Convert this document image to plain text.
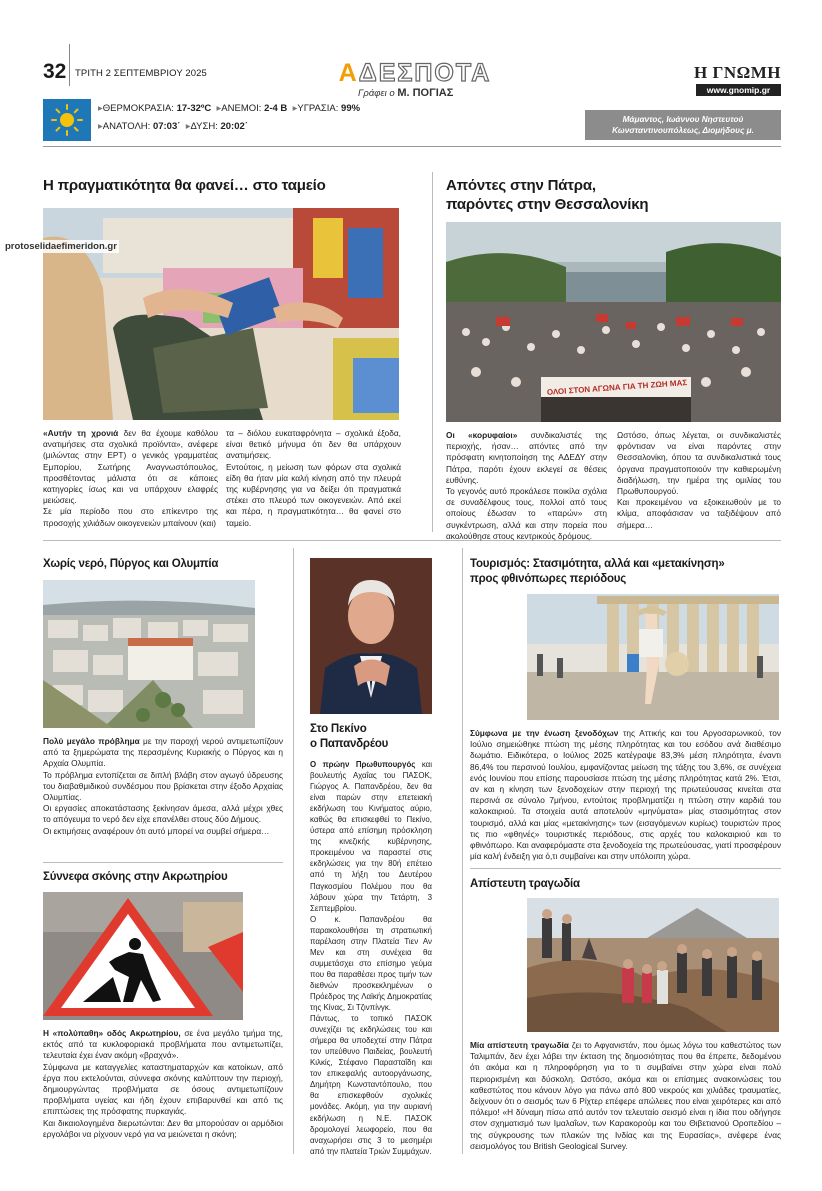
32 ΤΡΙΤΗ 2 ΣΕΠΤΕΜΒΡΙΟΥ 2025	ΑΔΕΣΠΟΤΑ
Γράφει ο Μ. ΠΟΓΙΑΣ
Η ΓΝΩΜΗ
www.gnomip.gr
▸ΘΕΡΜΟΚΡΑΣΙΑ: 17-32ºC ▸ΑΝΕΜΟΙ: 2-4 Β ▸ΥΓΡΑΣΙΑ: 99%
▸ΑΝΑΤΟΛΗ: 07:03΄ ▸ΔΥΣΗ: 20:02΄
Μάμαντος, Ιωάννου Νηστευτού
Κωνσταντινουπόλεως, Διομήδους μ.
Η πραγματικότητα θα φανεί… στο ταμείο

«Αυτήν τη χρονιά δεν θα έχουμε καθόλου ανατιμήσεις στα σχολικά προϊόντα», ανέφερε (μιλώντας στην ΕΡΤ) ο γενικός γραμματέας Εμπορίου, Σωτήρης Αναγνωστόπουλος, προσθέτοντας μάλιστα ότι σε κάποιες κατηγορίες ίσως και να υπάρχουν ελαφρές μειώσεις.

Σε μία περίοδο που στο επίκεντρο της προσοχής χιλιάδων οικογενειών μπαίνουν (και)

τα – διόλου ευκαταφρόνητα – σχολικά έξοδα, είναι θετικό μήνυμα ότι δεν θα υπάρχουν ανατιμήσεις.

Εντούτοις, η μείωση των φόρων στα σχολικά είδη θα ήταν μία καλή κίνηση από την πλευρά της κυβέρνησης για να δείξει ότι πραγματικά στέκει στο πλευρό των οικογενειών. Από εκεί και πέρα, η πραγματικότητα… θα φανεί στο ταμείο.

Απόντες στην Πάτρα,
παρόντες στην Θεσσαλονίκη
ΟΛΟΙ ΣΤΟΝ ΑΓΩΝΑ ΓΙΑ ΤΗ ΖΩΗ ΜΑΣ

Οι «κορυφαίοι» συνδικαλιστές της περιοχής, ήσαν… απόντες από την πρόσφατη κινητοποίηση της ΑΔΕΔΥ στην Πάτρα, παρότι έχουν εκλεγεί σε θέσεις ευθύνης.

Το γεγονός αυτό προκάλεσε ποικίλα σχόλια σε συναδέλφους τους, πολλοί από τους οποίους έδωσαν το «παρών» στη συγκέντρωση, αλλά και στην πορεία που ακολούθησε στους κεντρικούς δρόμους.

Ωστόσο, όπως λέγεται, οι συνδικαλιστές φρόντισαν να είναι παρόντες στην Θεσσαλονίκη, όπου τα συνδικαλιστικά τους όργανα πραγματοποιούν την καθιερωμένη διαδήλωση, την ημέρα της ομιλίας του Πρωθυπουργού.

Και προκειμένου να εξοικειωθούν με το κλίμα, αποφάσισαν να ταξιδέψουν από σήμερα…

Χωρίς νερό, Πύργος και Ολυμπία

Πολύ μεγάλο πρόβλημα με την παροχή νερού αντιμετωπίζουν από τα ξημερώματα της περασμένης Κυριακής ο Πύργος και η Αρχαία Ολυμπία.

Το πρόβλημα εντοπίζεται σε διπλή βλάβη στον αγωγό ύδρευσης του διαβαθμιδικού συνδέσμου που βρίσκεται στην έξοδο Αρχαίας Ολυμπίας.

Οι εργασίες αποκατάστασης ξεκίνησαν άμεσα, αλλά μέχρι χθες το απόγευμα το νερό δεν είχε επανέλθει στους δύο Δήμους.

Οι εκτιμήσεις αναφέρουν ότι αυτό μπορεί να συμβεί σήμερα…

Σύννεφα σκόνης στην Ακρωτηρίου

Η «πολύπαθη» οδός Ακρωτηρίου, σε ένα μεγάλο τμήμα της, εκτός από τα κυκλοφοριακά προβλήματα που αντιμετωπίζει, τελευταία έχει έναν ακόμη «βραχνά».

Σύμφωνα με καταγγελίες καταστηματαρχών και κατοίκων, από έργα που εκτελούνται, σύννεφα σκόνης καλύπτουν την περιοχή, δημιουργώντας προβλήματα σε όσους αντιμετωπίζουν προβλήματα υγείας και ήδη έχουν επιβαρυνθεί και από τις επιπτώσεις της πρόσφατης πυρκαγιάς.

Και δικαιολογημένα διερωτώνται: Δεν θα μπορούσαν οι αρμόδιοι εργολάβοι να ρίχνουν νερό για να μειώνεται η σκόνη;

Στο Πεκίνο
ο Παπανδρέου

Ο πρώην Πρωθυπουργός και βουλευτής Αχαΐας του ΠΑΣΟΚ, Γιώργος Α. Παπανδρέου, δεν θα είναι παρών στην επετειακή εκδήλωση του Κινήματος αύριο, καθώς θα επισκεφθεί το Πεκίνο, ύστερα από επίσημη πρόσκληση της κινεζικής κυβέρνησης, προκειμένου να παραστεί στις εκδηλώσεις για την 80ή επέτειο από τη λήξη του Δευτέρου Παγκοσμίου Πολέμου που θα λάβουν χώρα την Τετάρτη, 3 Σεπτεμβρίου.

Ο κ. Παπανδρέου θα παρακολουθήσει τη στρατιωτική παρέλαση στην Πλατεία Τιεν Αν Μεν και στη συνέχεια θα συμμετάσχει στο επίσημο γεύμα που θα παραθέσει προς τιμήν των διεθνών προσκεκλημένων ο Πρόεδρος της Λαϊκής Δημοκρατίας της Κίνας, Σι Τζινπίνγκ.

Πάντως, το τοπικό ΠΑΣΟΚ συνεχίζει τις εκδηλώσεις του και σήμερα θα υποδεχτεί στην Πάτρα τον υπεύθυνο Παιδείας, βουλευτή Κιλκίς, Στέφανο Παρασταΐδη και τον επικεφαλής αυτοοργάνωσης, Δημήτρη Κωνσταντόπουλο, που θα επισκεφθούν σχολικές μονάδες. Ακόμη, για την αυριανή εκδήλωση η Ν.Ε. ΠΑΣΟΚ δρομολογεί λεωφορείο, που θα αναχωρήσει στις 3 το μεσημέρι από την πλατεία Τριών Συμμάχων.

Τουρισμός: Στασιμότητα, αλλά και «μετακίνηση»
προς φθινόπωρες περιόδους

Σύμφωνα με την ένωση ξενοδόχων της Αττικής και του Αργοσαρωνικού, τον Ιούλιο σημειώθηκε πτώση της μέσης πληρότητας και του εσόδου ανά διαθέσιμο δωμάτιο. Ειδικότερα, ο Ιούλιος 2025 κατέγραψε 83,3% μέση πληρότητα, έναντι 86,4% του περσινού Ιουλίου, εμφανίζοντας μείωση της τάξης του 3,6%, σε συνέχεια ενός Ιουνίου που επίσης παρουσίασε πτώση της μέσης πληρότητας κατά 2%. Έτσι, αν και η κίνηση των ξενοδοχείων στην περιοχή της πρωτεύουσας κινείται στα περσινά σε σύνολο 7μήνου, εντούτοις προβληματίζει η πτώση στην καρδιά του καλοκαιριού. Τα στοιχεία αυτά αποτελούν «μηνύματα» μίας στασιμότητας στον τουρισμό, αλλά και μίας «μετακίνησης» των (εισαγόμενων κυρίως) τουριστών προς τις πιο «φθηνές» τουριστικές περιόδους, στις αρχές του καλοκαιριού και το φθινόπωρο. Και αναφερόμαστε στα ξενοδοχεία της πρωτεύουσας, γιατί προσφέρουν μία καλή ένδειξη για ό,τι συμβαίνει και στην υπόλοιπη χώρα.

Απίστευτη τραγωδία

Μία απίστευτη τραγωδία ζει το Αφγανιστάν, που όμως λόγω του καθεστώτος των Ταλιμπάν, δεν έχει λάβει την έκταση της δημοσιότητας που θα έπρεπε, δεδομένου ότι ακόμα και η πληροφόρηση για το τι συμβαίνει στην χώρα είναι πολύ περιορισμένη και δύσκολη. Ωστόσο, ακόμα και οι επίσημες ανακοινώσεις του καθεστώτος που κάνουν λόγο για πάνω από 800 νεκρούς και χιλιάδες τραυματίες, δείχνουν ότι ο σεισμός των 6 Ρίχτερ επέφερε απώλειες που είναι χειρότερες και από πόλεμο! «Η δύναμη πίσω από αυτόν τον τελευταίο σεισμό είναι η ίδια που οδήγησε στον σχηματισμό των Ιμαλαΐων, των Καρακορούμ και του Θιβετιανού Οροπεδίου – της σύγκρουσης των πλακών της Ινδίας και της Ευρασίας», ανέφερε ένας σεισμολόγος του British Geological Survey.

protoselidaefimeridon.gr
